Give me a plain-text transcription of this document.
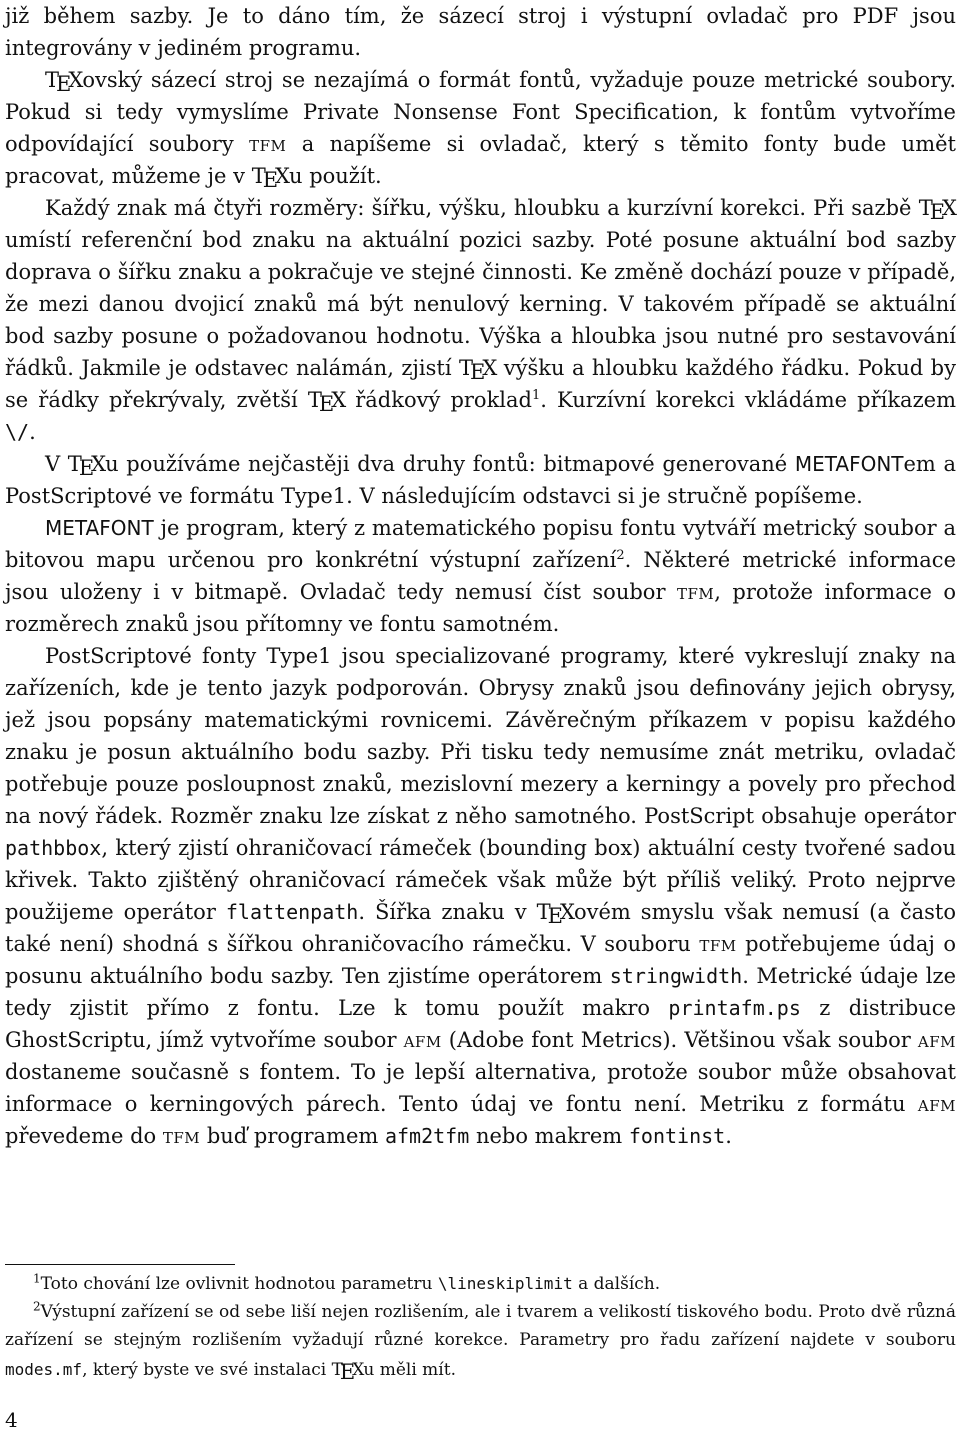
již během sazby. Je to dáno tím, že sázecí stroj i výstupní ovladač pro PDF jsou integrovány v jediném programu.

TEXovský sázecí stroj se nezajímá o formát fontů, vyžaduje pouze metrické soubory. Pokud si tedy vymyslíme Private Nonsense Font Specification, k fontům vytvoříme odpovídající soubory tfm a napíšeme si ovladač, který s těmito fonty bude umět pracovat, můžeme je v TEXu použít.

Každý znak má čtyři rozměry: šířku, výšku, hloubku a kurzívní korekci. Při sazbě TEX umístí referenční bod znaku na aktuální pozici sazby. Poté posune aktuální bod sazby doprava o šířku znaku a pokračuje ve stejné činnosti. Ke změně dochází pouze v případě, že mezi danou dvojicí znaků má být nenulový kerning. V takovém případě se aktuální bod sazby posune o požadovanou hodnotu. Výška a hloubka jsou nutné pro sestavování řádků. Jakmile je odstavec nalámán, zjistí TEX výšku a hloubku každého řádku. Pokud by se řádky překrývaly, zvětší TEX řádkový proklad$^1$. Kurzívní korekci vkládáme příkazem \/.

V TEXu používáme nejčastěji dva druhy fontů: bitmapové generované METAFONTem a PostScriptové ve formátu Type1. V následujícím odstavci si je stručně popíšeme.

METAFONT je program, který z matematického popisu fontu vytváří metrický soubor a bitovou mapu určenou pro konkrétní výstupní zařízení$^2$. Některé metrické informace jsou uloženy i v bitmapě. Ovladač tedy nemusí číst soubor tfm, protože informace o rozměrech znaků jsou přítomny ve fontu samotném.

PostScriptové fonty Type1 jsou specializované programy, které vykreslují znaky na zařízeních, kde je tento jazyk podporován. Obrysy znaků jsou definovány jejich obrysy, jež jsou popsány matematickými rovnicemi. Závěrečným příkazem v popisu každého znaku je posun aktuálního bodu sazby. Při tisku tedy nemusíme znát metriku, ovladač potřebuje pouze posloupnost znaků, mezislovní mezery a kerningy a povely pro přechod na nový řádek. Rozměr znaku lze získat z něho samotného. PostScript obsahuje operátor pathbbox, který zjistí ohraničovací rámeček (bounding box) aktuální cesty tvořené sadou křivek. Takto zjištěný ohraničovací rámeček však může být příliš veliký. Proto nejprve použijeme operátor flattenpath. Šířka znaku v TEXovém smyslu však nemusí (a často také není) shodná s šířkou ohraničovacího rámečku. V souboru tfm potřebujeme údaj o posunu aktuálního bodu sazby. Ten zjistíme operátorem stringwidth. Metrické údaje lze tedy zjistit přímo z fontu. Lze k tomu použít makro printafm.ps z distribuce GhostScriptu, jímž vytvoříme soubor afm (Adobe font Metrics). Většinou však soubor afm dostaneme současně s fontem. To je lepší alternativa, protože soubor může obsahovat informace o kerningových párech. Tento údaj ve fontu není. Metriku z formátu afm převedeme do tfm buď programem afm2tfm nebo makrem fontinst.

$^1$Toto chování lze ovlivnit hodnotou parametru \lineskiplimit a dalších.

$^2$Výstupní zařízení se od sebe liší nejen rozlišením, ale i tvarem a velikostí tiskového bodu. Proto dvě různá zařízení se stejným rozlišením vyžadují různé korekce. Parametry pro řadu zařízení najdete v souboru modes.mf, který byste ve své instalaci TEXu měli mít.

4
